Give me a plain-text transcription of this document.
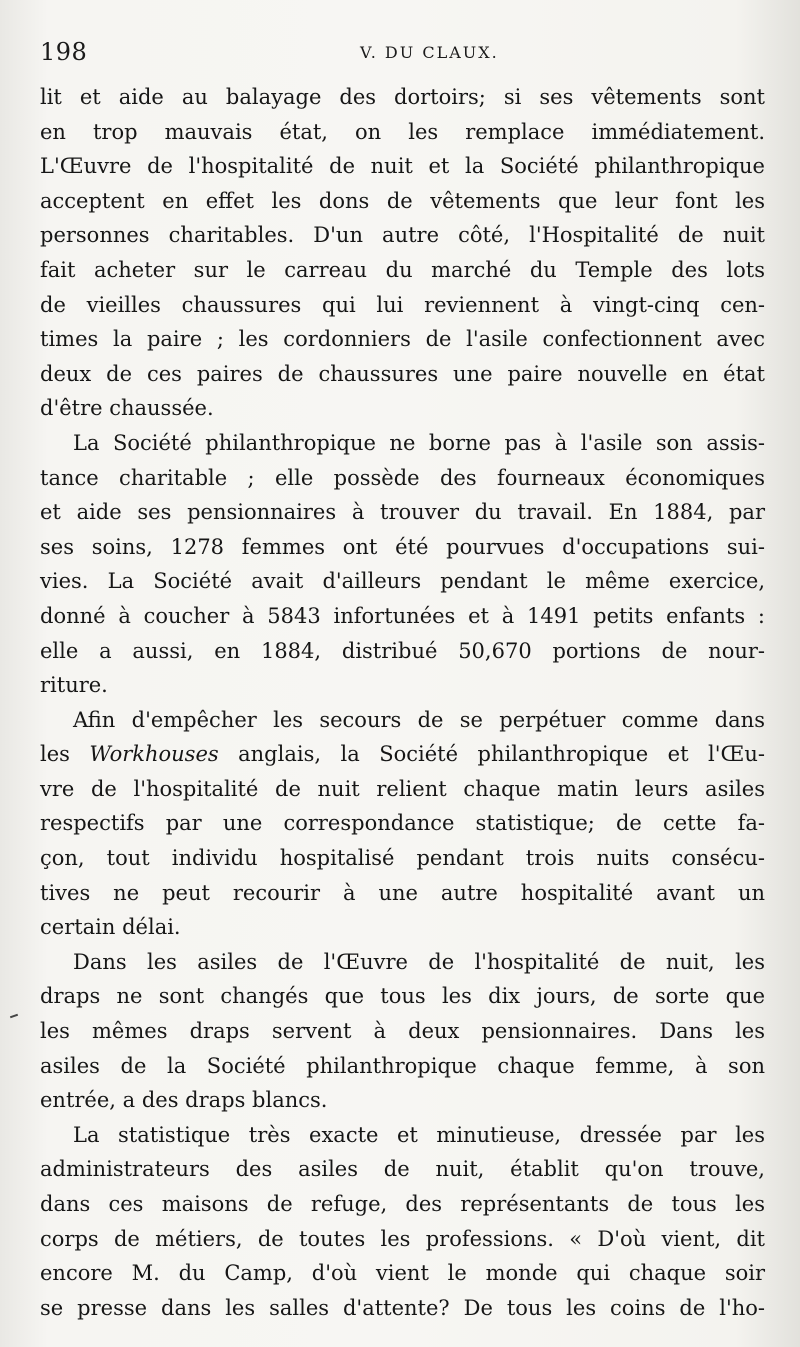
198	V. DU CLAUX.
lit et aide au balayage des dortoirs; si ses vêtements sont
en trop mauvais état, on les remplace immédiatement.
L'Œuvre de l'hospitalité de nuit et la Société philanthropique
acceptent en effet les dons de vêtements que leur font les
personnes charitables. D'un autre côté, l'Hospitalité de nuit
fait acheter sur le carreau du marché du Temple des lots
de vieilles chaussures qui lui reviennent à vingt-cinq cen-
times la paire ; les cordonniers de l'asile confectionnent avec
deux de ces paires de chaussures une paire nouvelle en état
d'être chaussée.
La Société philanthropique ne borne pas à l'asile son assis-
tance charitable ; elle possède des fourneaux économiques
et aide ses pensionnaires à trouver du travail. En 1884, par
ses soins, 1278 femmes ont été pourvues d'occupations sui-
vies. La Société avait d'ailleurs pendant le même exercice,
donné à coucher à 5843 infortunées et à 1491 petits enfants :
elle a aussi, en 1884, distribué 50,670 portions de nour-
riture.
Afin d'empêcher les secours de se perpétuer comme dans
les Workhouses anglais, la Société philanthropique et l'Œu-
vre de l'hospitalité de nuit relient chaque matin leurs asiles
respectifs par une correspondance statistique; de cette fa-
çon, tout individu hospitalisé pendant trois nuits consécu-
tives ne peut recourir à une autre hospitalité avant un
certain délai.
Dans les asiles de l'Œuvre de l'hospitalité de nuit, les
draps ne sont changés que tous les dix jours, de sorte que
les mêmes draps servent à deux pensionnaires. Dans les
asiles de la Société philanthropique chaque femme, à son
entrée, a des draps blancs.
La statistique très exacte et minutieuse, dressée par les
administrateurs des asiles de nuit, établit qu'on trouve,
dans ces maisons de refuge, des représentants de tous les
corps de métiers, de toutes les professions. « D'où vient, dit
encore M. du Camp, d'où vient le monde qui chaque soir
se presse dans les salles d'attente? De tous les coins de l'ho-
